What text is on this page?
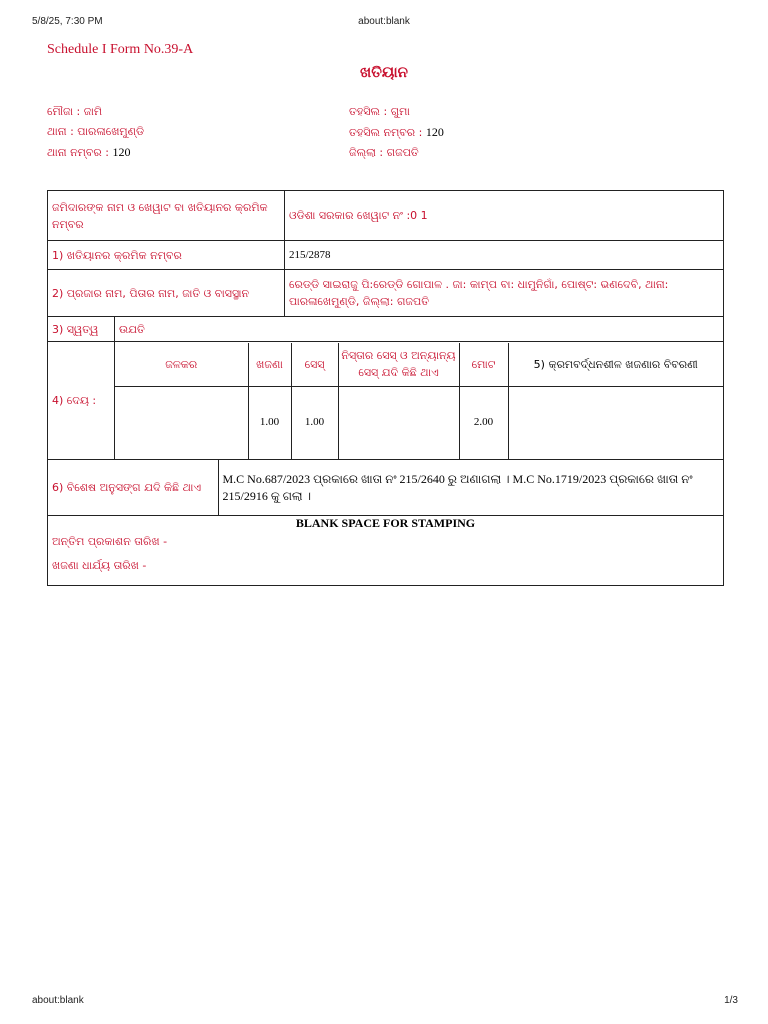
5/8/25, 7:30 PM	about:blank
Schedule I Form No.39-A
ଖତିୟାନ
ମୌଜା : ଜାମି
ଥାନା : ପାରଳାଖେମୁଣ୍ଡି
ଥାନା ନମ୍ବର : 120
ତହସିଲ : ଗୁମା
ତହସିଲ ନମ୍ବର : 120
ଜିଲ୍ଲା : ଗଜପତି
ଜମିଦାରଙ୍କ ନାମ ଓ ଖେୱାଟ ବା ଖତିୟାନର କ୍ରମିକ ନମ୍ବର	ଓଡିଶା ସରକାର ଖେୱାଟ ନଂ :0 1
1) ଖତିୟାନର କ୍ରମିକ ନମ୍ବର	215/2878
2) ପ୍ରଜାର ନାମ, ପିତାର ନାମ, ଜାତି ଓ ବାସସ୍ଥାନ	ରେଡ୍ଡି ସାଇରାଜୁ ପି:ରେଡ୍ଡି ଗୋପାଳ . ଜା: କାମ୍ପ ବା: ଧାମୁନିଗାଁ, ପୋଷ୍ଟ: ଭଣଦେବି, ଥାନା: ପାରଳାଖେମୁଣ୍ଡି, ଜିଲ୍ଲା: ଗଜପତି
3) ସ୍ୱତ୍ୱ	ଉଯତି
4) ଦେୟ :	
ଜଳକର	ଖଜଣା	ସେସ୍	ନିସ୍ତାର ସେସ୍ ଓ ଅନ୍ୟାନ୍ୟ ସେସ୍ ଯଦି କିଛି ଥାଏ	ମୋଟ	5) କ୍ରମବର୍ଦ୍ଧନଶୀଳ ଖଜଣାର ବିବରଣୀ
	1.00	1.00		2.00	

6) ବିଶେଷ ଅନୁସଙ୍ଗ ଯଦି କିଛି ଥାଏ	M.C No.687/2023 ପ୍ରକାରେ ଖାତା ନଂ 215/2640 ରୁ ଅଣାଗଲା । M.C No.1719/2023 ପ୍ରକାରେ ଖାତା ନଂ 215/2916 କୁ ଗଲା ।

BLANK SPACE FOR STAMPING
ଅନ୍ତିମ ପ୍ରକାଶନ ତାରିଖ -
ଖଜଣା ଧାର୍ଯ୍ୟ ତାରିଖ -
about:blank	1/3
